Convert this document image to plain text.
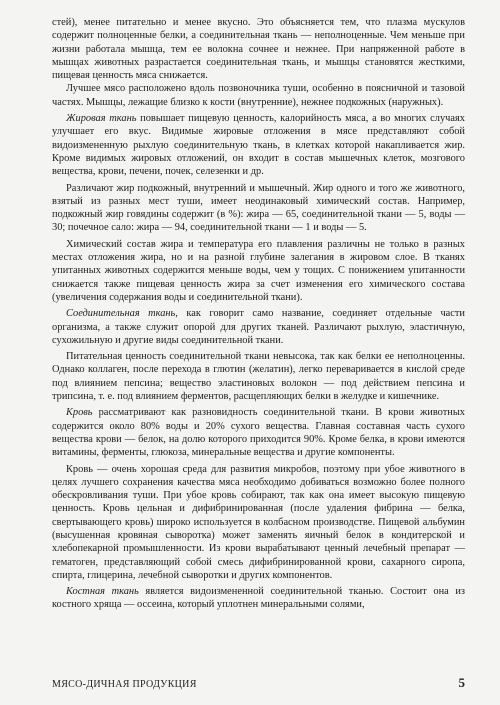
стей), менее питательно и менее вкусно. Это объясняется тем, что плазма мускулов содержит полноценные белки, а соединительная ткань — неполноценные. Чем меньше при жизни работала мышца, тем ее волокна сочнее и нежнее. При напряженной работе в мышцах животных разрастается соединительная ткань, и мышцы становятся жесткими, пищевая ценность мяса снижается.

Лучшее мясо расположено вдоль позвоночника туши, особенно в поясничной и тазовой частях. Мышцы, лежащие близко к кости (внутренние), нежнее подкожных (наружных).

Жировая ткань повышает пищевую ценность, калорийность мяса, а во многих случаях улучшает его вкус. Видимые жировые отложения в мясе представляют собой видоизмененную рыхлую соединительную ткань, в клетках которой накапливается жир. Кроме видимых жировых отложений, он входит в состав мышечных клеток, мозгового вещества, крови, печени, почек, селезенки и др.

Различают жир подкожный, внутренний и мышечный. Жир одного и того же животного, взятый из разных мест туши, имеет неодинаковый химический состав. Например, подкожный жир говядины содержит (в %): жира — 65, соединительной ткани — 5, воды — 30; почечное сало: жира — 94, соединительной ткани — 1 и воды — 5.

Химический состав жира и температура его плавления различны не только в разных местах отложения жира, но и на разной глубине залегания в жировом слое. В тканях упитанных животных содержится меньше воды, чем у тощих. С понижением упитанности снижается также пищевая ценность жира за счет изменения его химического состава (увеличения содержания воды и соединительной ткани).

Соединительная ткань, как говорит само название, соединяет отдельные части организма, а также служит опорой для других тканей. Различают рыхлую, эластичную, сухожильную и другие виды соединительной ткани.

Питательная ценность соединительной ткани невысока, так как белки ее неполноценны. Однако коллаген, после перехода в глютин (желатин), легко переваривается в кислой среде под влиянием пепсина; вещество эластиновых волокон — под действием пепсина и трипсина, т. е. под влиянием ферментов, расщепляющих белки в желудке и кишечнике.

Кровь рассматривают как разновидность соединительной ткани. В крови животных содержится около 80% воды и 20% сухого вещества. Главная составная часть сухого вещества крови — белок, на долю которого приходится 90%. Кроме белка, в крови имеются витамины, ферменты, глюкоза, минеральные вещества и другие компоненты.

Кровь — очень хорошая среда для развития микробов, поэтому при убое животного в целях лучшего сохранения качества мяса необходимо добиваться возможно более полного обескровливания туши. При убое кровь собирают, так как она имеет высокую пищевую ценность. Кровь цельная и дифибринированная (после удаления фибрина — белка, свертывающего кровь) широко используется в колбасном производстве. Пищевой альбумин (высушенная кровяная сыворотка) может заменять яичный белок в кондитерской и хлебопекарной промышленности. Из крови вырабатывают ценный лечебный препарат — гематоген, представляющий собой смесь дифибринированной крови, сахарного сиропа, спирта, глицерина, лечебной сыворотки и других компонентов.

Костная ткань является видоизмененной соединительной тканью. Состоит она из костного хряща — оссеина, который уплотнен минеральными солями,

МЯСО-ДИЧНАЯ ПРОДУКЦИЯ	5
